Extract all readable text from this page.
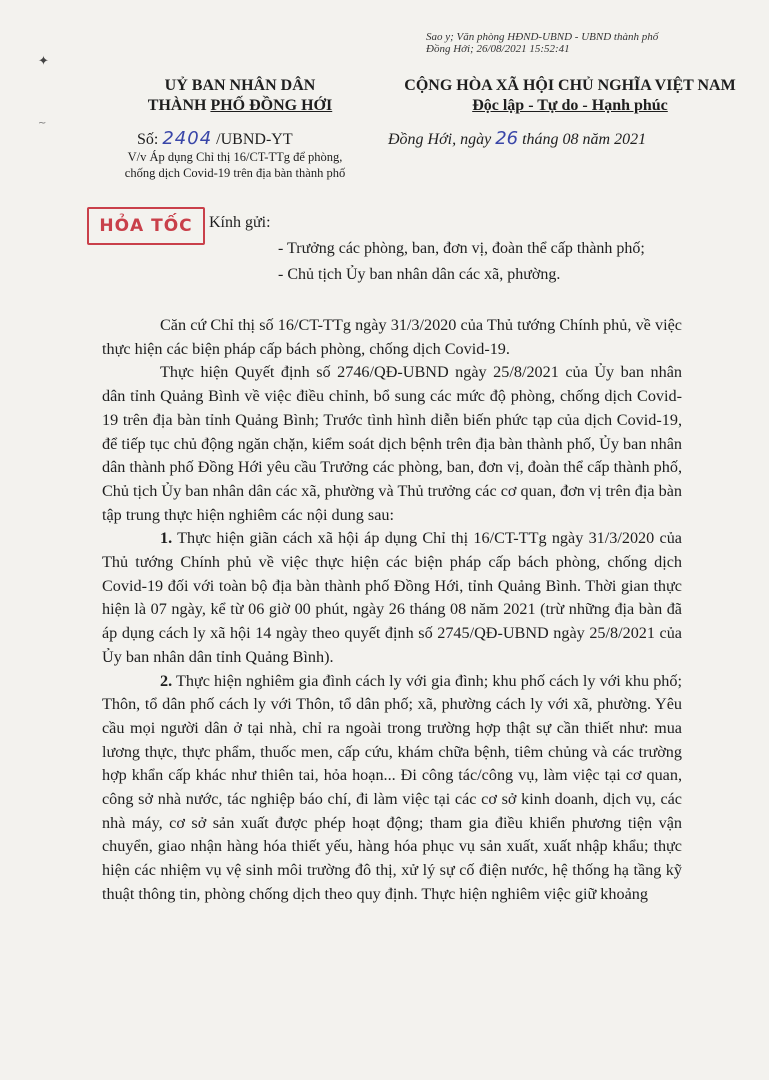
✦
~
Sao y; Văn phòng HĐND-UBND - UBND thành phố
Đồng Hới; 26/08/2021 15:52:41
UỶ BAN NHÂN DÂN
THÀNH PHỐ ĐỒNG HỚI
CỘNG HÒA XÃ HỘI CHỦ NGHĨA VIỆT NAM
Độc lập - Tự do - Hạnh phúc
Số: 2404 /UBND-YT
V/v Áp dụng Chỉ thị 16/CT-TTg để phòng,
chống dịch Covid-19 trên địa bàn thành phố
Đồng Hới, ngày 26 tháng 08 năm 2021
HỎA TỐC	Kính gửi:
- Trưởng các phòng, ban, đơn vị, đoàn thể cấp thành phố;
- Chủ tịch Ủy ban nhân dân các xã, phường.

Căn cứ Chỉ thị số 16/CT-TTg ngày 31/3/2020 của Thủ tướng Chính phủ, về việc thực hiện các biện pháp cấp bách phòng, chống dịch Covid-19.

Thực hiện Quyết định số 2746/QĐ-UBND ngày 25/8/2021 của Ủy ban nhân dân tỉnh Quảng Bình về việc điều chỉnh, bổ sung các mức độ phòng, chống dịch Covid-19 trên địa bàn tỉnh Quảng Bình; Trước tình hình diễn biến phức tạp của dịch Covid-19, để tiếp tục chủ động ngăn chặn, kiểm soát dịch bệnh trên địa bàn thành phố, Ủy ban nhân dân thành phố Đồng Hới yêu cầu Trưởng các phòng, ban, đơn vị, đoàn thể cấp thành phố, Chủ tịch Ủy ban nhân dân các xã, phường và Thủ trưởng các cơ quan, đơn vị trên địa bàn tập trung thực hiện nghiêm các nội dung sau:

1. Thực hiện giãn cách xã hội áp dụng Chỉ thị 16/CT-TTg ngày 31/3/2020 của Thủ tướng Chính phủ về việc thực hiện các biện pháp cấp bách phòng, chống dịch Covid-19 đối với toàn bộ địa bàn thành phố Đồng Hới, tỉnh Quảng Bình. Thời gian thực hiện là 07 ngày, kể từ 06 giờ 00 phút, ngày 26 tháng 08 năm 2021 (trừ những địa bàn đã áp dụng cách ly xã hội 14 ngày theo quyết định số 2745/QĐ-UBND ngày 25/8/2021 của Ủy ban nhân dân tỉnh Quảng Bình).

2. Thực hiện nghiêm gia đình cách ly với gia đình; khu phố cách ly với khu phố; Thôn, tổ dân phố cách ly với Thôn, tổ dân phố; xã, phường cách ly với xã, phường. Yêu cầu mọi người dân ở tại nhà, chỉ ra ngoài trong trường hợp thật sự cần thiết như: mua lương thực, thực phẩm, thuốc men, cấp cứu, khám chữa bệnh, tiêm chủng và các trường hợp khẩn cấp khác như thiên tai, hỏa hoạn... Đi công tác/công vụ, làm việc tại cơ quan, công sở nhà nước, tác nghiệp báo chí, đi làm việc tại các cơ sở kinh doanh, dịch vụ, các nhà máy, cơ sở sản xuất được phép hoạt động; tham gia điều khiển phương tiện vận chuyển, giao nhận hàng hóa thiết yếu, hàng hóa phục vụ sản xuất, xuất nhập khẩu; thực hiện các nhiệm vụ vệ sinh môi trường đô thị, xử lý sự cố điện nước, hệ thống hạ tầng kỹ thuật thông tin, phòng chống dịch theo quy định. Thực hiện nghiêm việc giữ khoảng
